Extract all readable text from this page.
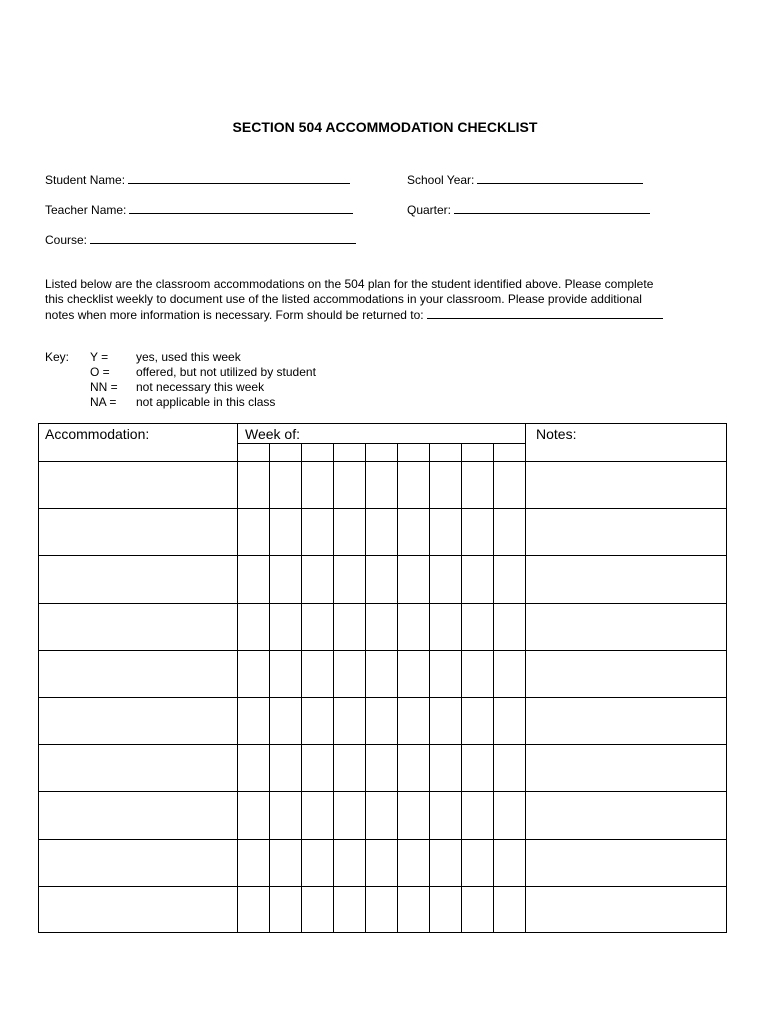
SECTION 504 ACCOMMODATION CHECKLIST
Student Name:	School Year:
Teacher Name:	Quarter:
Course:
Listed below are the classroom accommodations on the 504 plan for the student identified above. Please complete
this checklist weekly to document use of the listed accommodations in your classroom. Please provide additional
notes when more information is necessary. Form should be returned to:
Key: Y =	yes, used this week
O =	offered, but not utilized by student
NN =	not necessary this week
NA =	not applicable in this class
Accommodation:	Week of:	Notes:
